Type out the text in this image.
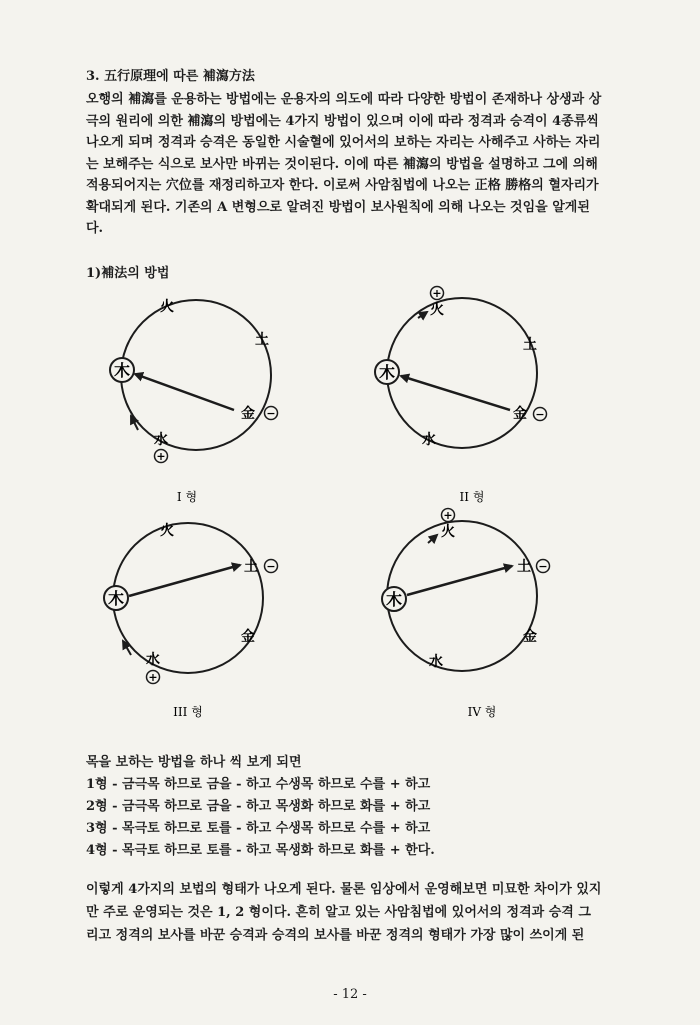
3. 五行原理에 따른 補瀉方法

오행의 補瀉를 운용하는 방법에는 운용자의 의도에 따라 다양한 방법이 존재하나 상생과 상

극의 원리에 의한 補瀉의 방법에는 4가지 방법이 있으며 이에 따라 정격과 승격이 4종류씩

나오게 되며 정격과 승격은 동일한 시술혈에 있어서의 보하는 자리는 사해주고 사하는 자리

는 보해주는 식으로 보사만 바뀌는 것이된다. 이에 따른 補瀉의 방법을 설명하고 그에 의해

적용되어지는 穴位를 재정리하고자 한다. 이로써 사암침법에 나오는 正格 勝格의 혈자리가

확대되게 된다. 기존의 A 변형으로 알려진 방법이 보사원칙에 의해 나오는 것임을 알게된

다.

1)補法의 방법
木
火
土
金 −
水
+
I 형
木
+
火
土
金 −
水
II 형
木
火
土 −
金
水
+
III 형
木
+
火
土 −
金
水
IV 형
목을 보하는 방법을 하나 씩 보게 되면
1형 - 금극목 하므로 금을 - 하고 수생목 하므로 수를 + 하고
2형 - 금극목 하므로 금을 - 하고 목생화 하므로 화를 + 하고
3형 - 목극토 하므로 토를 - 하고 수생목 하므로 수를 + 하고
4형 - 목극토 하므로 토를 - 하고 목생화 하므로 화를 + 한다.

이렇게 4가지의 보법의 형태가 나오게 된다. 물론 임상에서 운영해보면 미묘한 차이가 있지

만 주로 운영되는 것은 1, 2 형이다. 흔히 알고 있는 사암침법에 있어서의 정격과 승격 그

리고 정격의 보사를 바꾼 승격과 승격의 보사를 바꾼 정격의 형태가 가장 많이 쓰이게 된

- 12 -
